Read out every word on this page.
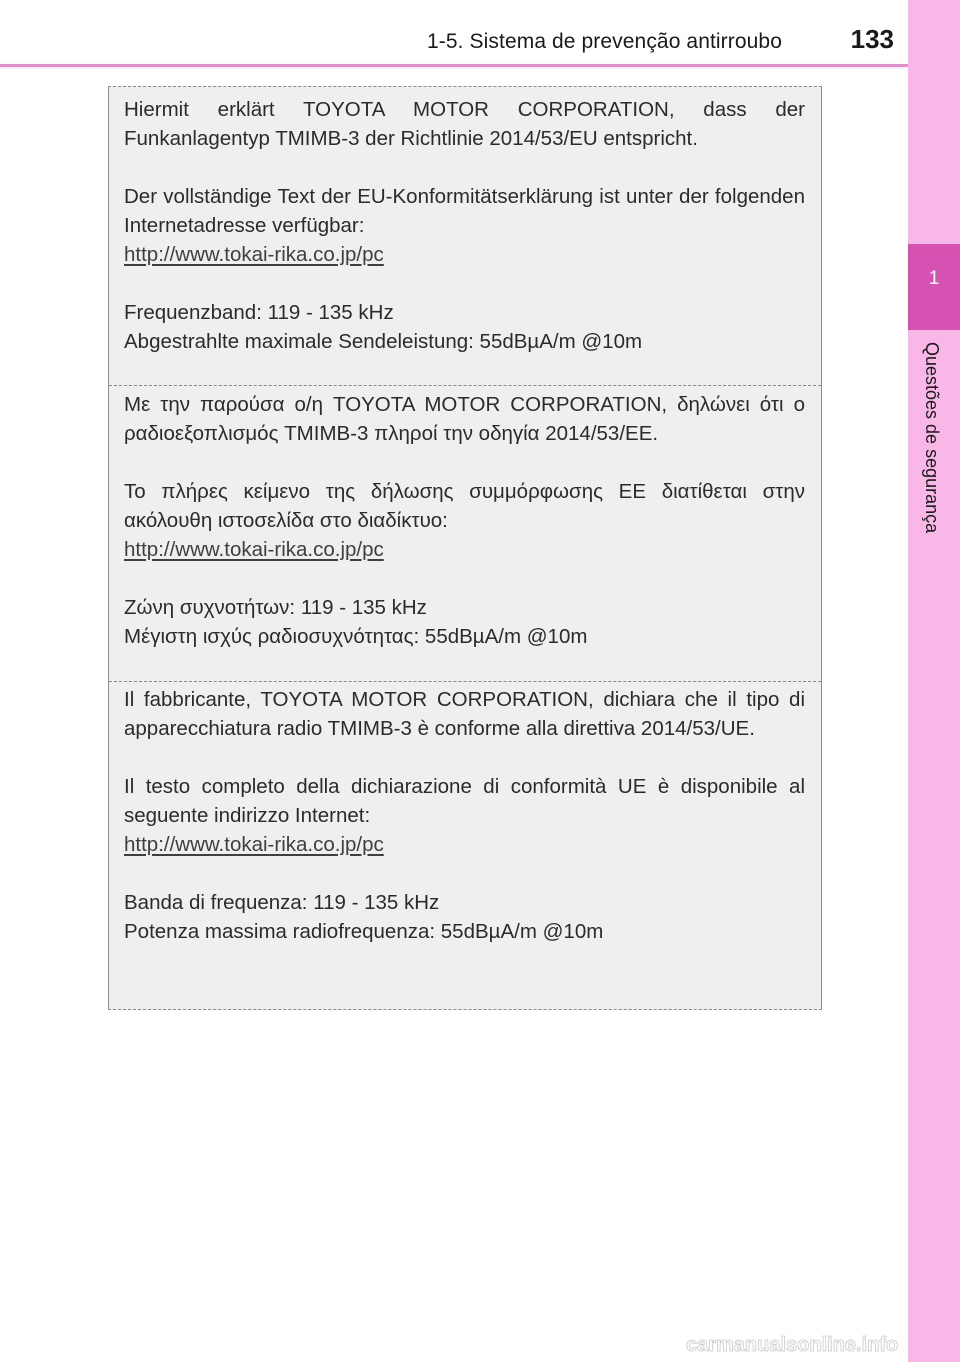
1-5. Sistema de prevenção antirroubo	133
1
Questões de segurança

Hiermit erklärt TOYOTA MOTOR CORPORATION, dass der Funkanlagentyp TMIMB-3 der Richtlinie 2014/53/EU entspricht.

Der vollständige Text der EU-Konformitätserklärung ist unter der folgenden Internetadresse verfügbar:

http://www.tokai-rika.co.jp/pc

Frequenzband: 119 - 135 kHz

Abgestrahlte maximale Sendeleistung: 55dBµA/m @10m

Με την παρούσα ο/η TOYOTA MOTOR CORPORATION, δηλώνει ότι ο ραδιοεξοπλισμός TMIMB-3 πληροί την οδηγία 2014/53/ΕΕ.

Το πλήρες κείμενο της δήλωσης συμμόρφωσης ΕΕ διατίθεται στην ακόλουθη ιστοσελίδα στο διαδίκτυο:

http://www.tokai-rika.co.jp/pc

Ζώνη συχνοτήτων: 119 - 135 kHz

Μέγιστη ισχύς ραδιοσυχνότητας: 55dBµA/m @10m

Il fabbricante, TOYOTA MOTOR CORPORATION, dichiara che il tipo di apparecchiatura radio TMIMB-3 è conforme alla direttiva 2014/53/UE.

Il testo completo della dichiarazione di conformità UE è disponibile al seguente indirizzo Internet:

http://www.tokai-rika.co.jp/pc

Banda di frequenza: 119 - 135 kHz

Potenza massima radiofrequenza: 55dBµA/m @10m

carmanualsonline.info
